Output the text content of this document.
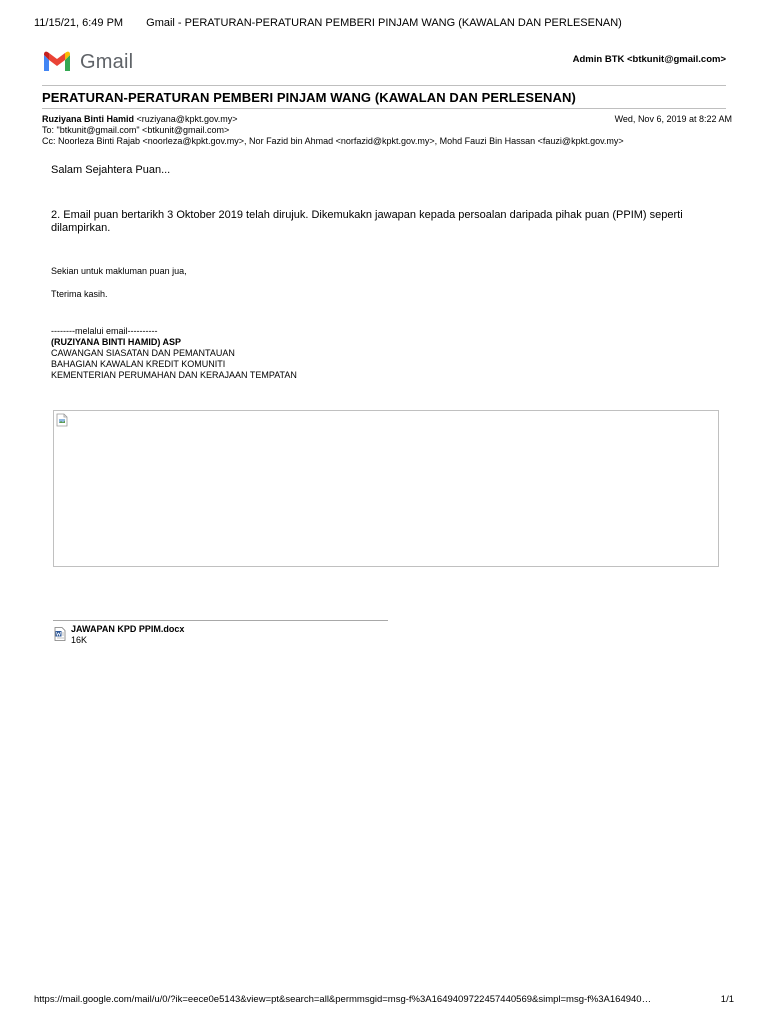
11/15/21, 6:49 PM	Gmail - PERATURAN-PERATURAN PEMBERI PINJAM WANG (KAWALAN DAN PERLESENAN)
Gmail	Admin BTK <btkunit@gmail.com>
PERATURAN-PERATURAN PEMBERI PINJAM WANG (KAWALAN DAN PERLESENAN)
Ruziyana Binti Hamid <ruziyana@kpkt.gov.my>	Wed, Nov 6, 2019 at 8:22 AM
To: "btkunit@gmail.com" <btkunit@gmail.com>
Cc: Noorleza Binti Rajab <noorleza@kpkt.gov.my>, Nor Fazid bin Ahmad <norfazid@kpkt.gov.my>, Mohd Fauzi Bin Hassan <fauzi@kpkt.gov.my>
Salam Sejahtera Puan...
2. Email puan bertarikh 3 Oktober 2019 telah dirujuk. Dikemukakn jawapan kepada persoalan daripada pihak puan (PPIM) seperti dilampirkan.
Sekian untuk makluman puan jua,
Tterima kasih.
--------melalui email----------
(RUZIYANA BINTI HAMID) ASP
CAWANGAN SIASATAN DAN PEMANTAUAN
BAHAGIAN KAWALAN KREDIT KOMUNITI
KEMENTERIAN PERUMAHAN DAN KERAJAAN TEMPATAN
JAWAPAN KPD PPIM.docx
16K
https://mail.google.com/mail/u/0/?ik=eece0e5143&view=pt&search=all&permmsgid=msg-f%3A1649409722457440569&simpl=msg-f%3A164940…	1/1
